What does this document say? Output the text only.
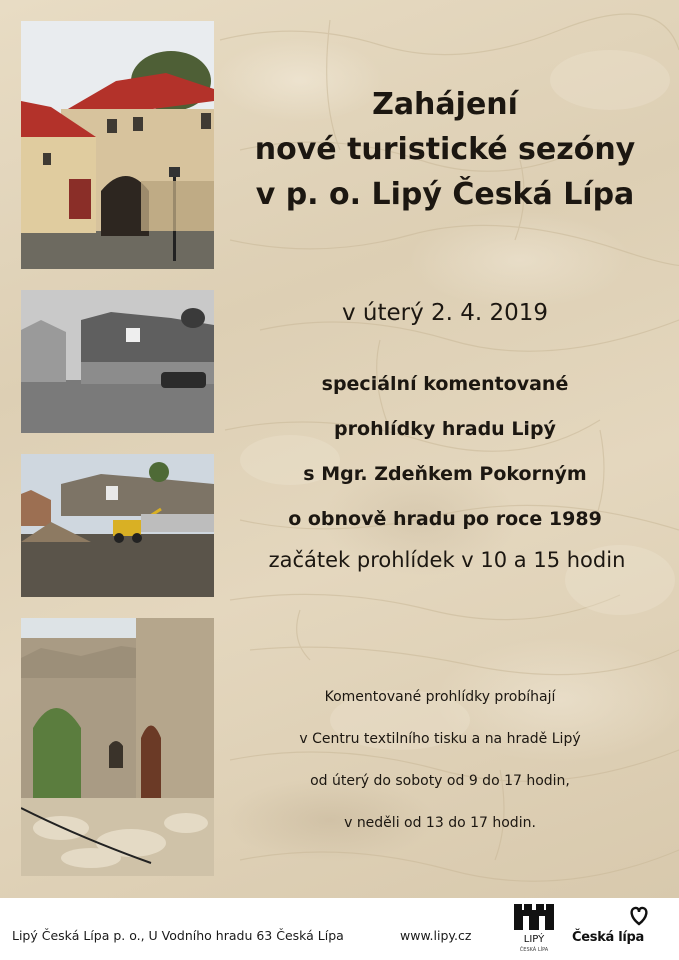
Zahájení
nové turistické sezóny
v p. o. Lipý Česká Lípa
v úterý 2. 4. 2019
speciální komentované
prohlídky hradu Lipý
s Mgr. Zdeňkem Pokorným
o obnově hradu po roce 1989
začátek prohlídek v 10 a 15 hodin
Komentované prohlídky probíhají
v Centru textilního tisku a na hradě Lipý
od úterý do soboty od 9 do 17 hodin,
v neděli od 13 do 17 hodin.
Lipý Česká Lípa p. o., U Vodního hradu 63 Česká Lípa	www.lipy.cz	LIPÝ
ČESKÁ LÍPA
Česká lípa
